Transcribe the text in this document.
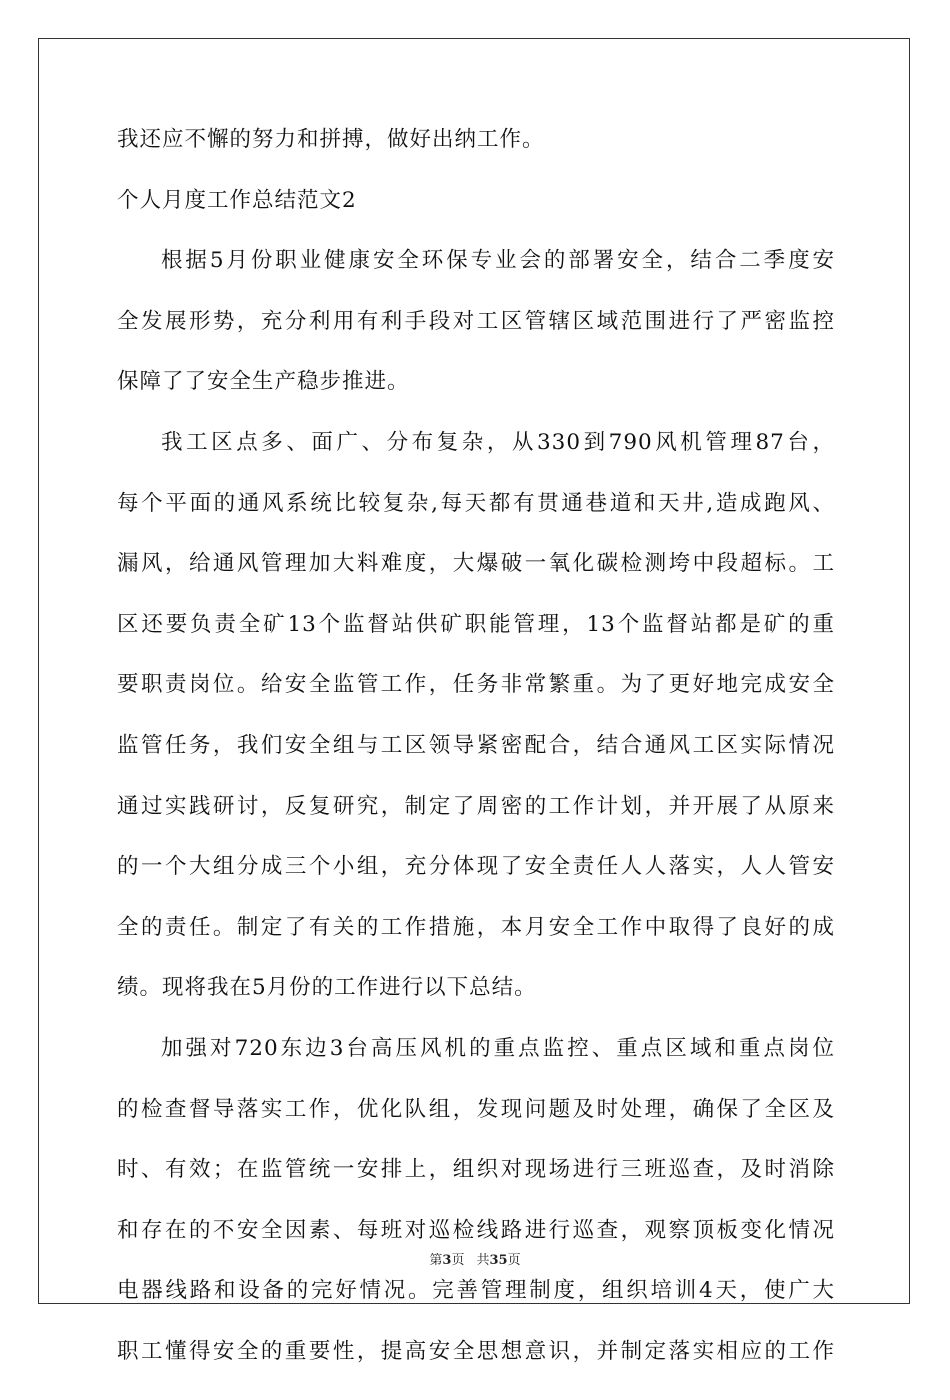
我还应不懈的努力和拼搏，做好出纳工作。
个人月度工作总结范文2
根据5月份职业健康安全环保专业会的部署安全，结合二季度安
全发展形势，充分利用有利手段对工区管辖区域范围进行了严密监控
保障了了安全生产稳步推进。
我工区点多、面广、分布复杂，从330到790风机管理87台，
每个平面的通风系统比较复杂,每天都有贯通巷道和天井,造成跑风、
漏风，给通风管理加大料难度，大爆破一氧化碳检测垮中段超标。工
区还要负责全矿13个监督站供矿职能管理，13个监督站都是矿的重
要职责岗位。给安全监管工作，任务非常繁重。为了更好地完成安全
监管任务，我们安全组与工区领导紧密配合，结合通风工区实际情况
通过实践研讨，反复研究，制定了周密的工作计划，并开展了从原来
的一个大组分成三个小组，充分体现了安全责任人人落实，人人管安
全的责任。制定了有关的工作措施，本月安全工作中取得了良好的成
绩。现将我在5月份的工作进行以下总结。
加强对720东边3台高压风机的重点监控、重点区域和重点岗位
的检查督导落实工作，优化队组，发现问题及时处理，确保了全区及
时、有效；在监管统一安排上，组织对现场进行三班巡查，及时消除
和存在的不安全因素、每班对巡检线路进行巡查，观察顶板变化情况
电器线路和设备的完好情况。完善管理制度，组织培训4天，使广大
职工懂得安全的重要性，提高安全思想意识，并制定落实相应的工作
第3页 共35页
